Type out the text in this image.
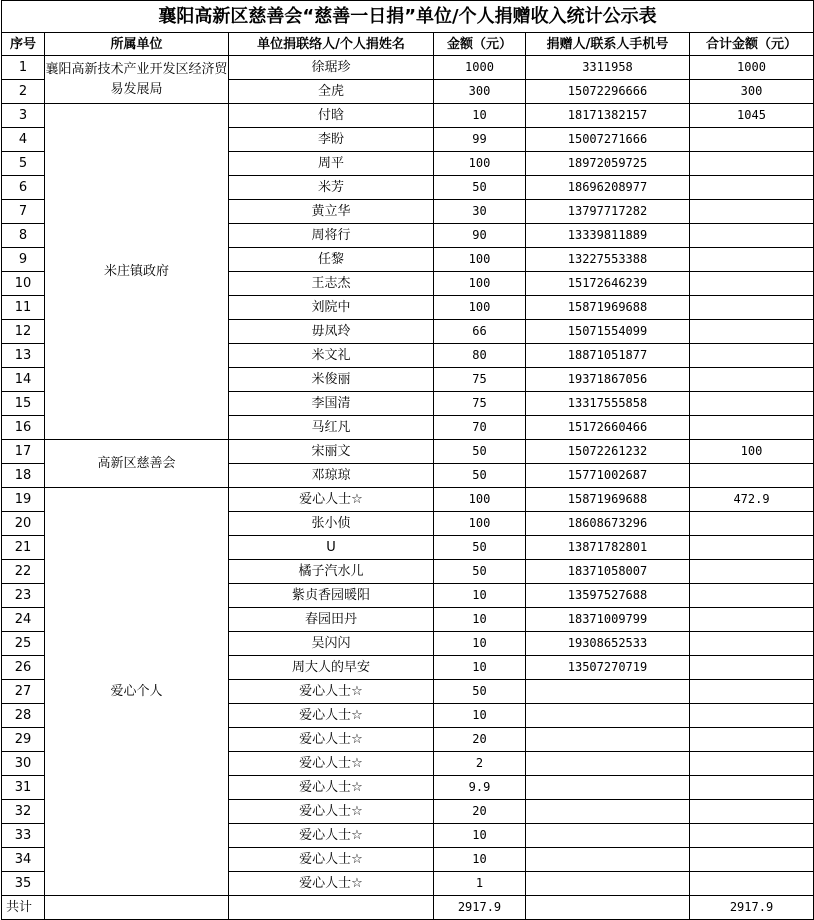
襄阳高新区慈善会“慈善一日捐”单位/个人捐赠收入统计公示表					
序号	所属单位	单位捐联络人/个人捐姓名	金额（元）	捐赠人/联系人手机号	合计金额（元）
1	襄阳高新技术产业开发区经济贸易发展局	徐琚珍	1000	3311958	1000
2		全虎	300	15072296666	300
3	米庄镇政府	付晗	10	18171382157	1045
4		李盼	99	15007271666	
5		周平	100	18972059725	
6		米芳	50	18696208977	
7		黄立华	30	13797717282	
8		周将行	90	13339811889	
9		任黎	100	13227553388	
10		王志杰	100	15172646239	
11		刘院中	100	15871969688	
12		毋凤玲	66	15071554099	
13		米文礼	80	18871051877	
14		米俊丽	75	19371867056	
15		李国清	75	13317555858	
16		马红凡	70	15172660466	
17	高新区慈善会	宋丽文	50	15072261232	100
18		邓琼琼	50	15771002687	
19	爱心个人	爱心人士☆	100	15871969688	472.9
20		张小侦	100	18608673296	
21		U	50	13871782801	
22		橘子汽水儿	50	18371058007	
23		紫贞香园暖阳	10	13597527688	
24		春园田丹	10	18371009799	
25		吴闪闪	10	19308652533	
26		周大人的早安	10	13507270719	
27		爱心人士☆	50		
28		爱心人士☆	10		
29		爱心人士☆	20		
30		爱心人士☆	2		
31		爱心人士☆	9.9		
32		爱心人士☆	20		
33		爱心人士☆	10		
34		爱心人士☆	10		
35		爱心人士☆	1		
共计			2917.9		2917.9
